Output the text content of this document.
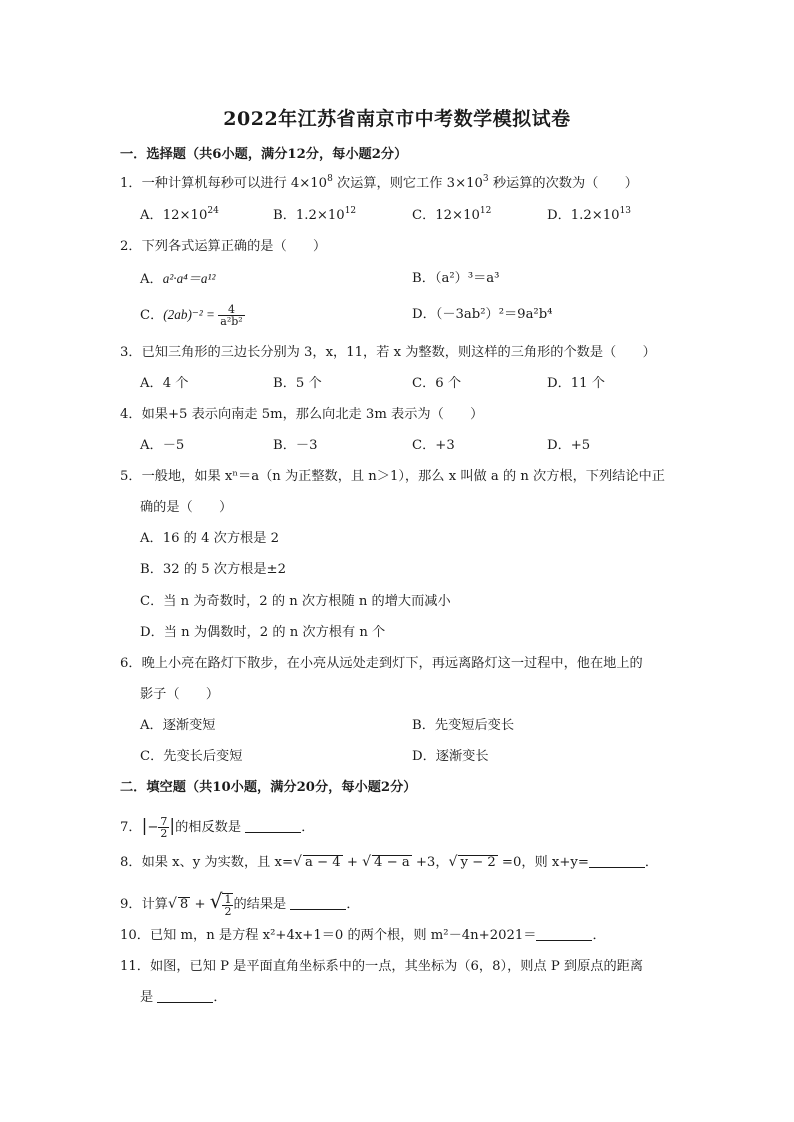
2022年江苏省南京市中考数学模拟试卷
一．选择题（共6小题，满分12分，每小题2分）
1．一种计算机每秒可以进行 $4\times 10^8$ 次运算，则它工作 $3\times 10^3$ 秒运算的次数为（　　）
A．$12\times 10^{24}$	B．$1.2\times 10^{12}$	C．$12\times 10^{12}$	D．$1.2\times 10^{13}$
2．下列各式运算正确的是（　　）
A．a²·a⁴＝a¹²	B．（a²）³＝a³
C．$(2ab)^{-2} = \frac{4}{\text{a²b²}}$	D．（－3ab²）²＝9a²b⁴
3．已知三角形的三边长分别为 3，x，11，若 x 为整数，则这样的三角形的个数是（　　）
A．4 个	B．5 个	C．6 个	D．11 个
4．如果+5 表示向南走 5m，那么向北走 3m 表示为（　　）
A．－5	B．－3	C．+3	D．+5
5．一般地，如果 xⁿ＝a（n 为正整数，且 n＞1），那么 x 叫做 a 的 n 次方根，下列结论中正
确的是（　　）
A．16 的 4 次方根是 2
B．32 的 5 次方根是±2
C．当 n 为奇数时，2 的 n 次方根随 n 的增大而减小
D．当 n 为偶数时，2 的 n 次方根有 n 个
6．晚上小亮在路灯下散步，在小亮从远处走到灯下，再远离路灯这一过程中，他在地上的
影子（　　）
A．逐渐变短	B．先变短后变长
C．先变长后变短	D．逐渐变长
二．填空题（共10小题，满分20分，每小题2分）
7．|− $\frac{7}{2}$ |的相反数是	．
8．如果 x、y 为实数，且 x=√ a − 4 + √ 4 − a +3，√ y − 2 =0，则 x+y=	．
9．计算√ 8 + √ $\frac{1}{2}$ 的结果是	．
10．已知 m，n 是方程 x²+4x+1＝0 的两个根，则 m²－4n+2021＝	．
11．如图，已知 P 是平面直角坐标系中的一点，其坐标为（6，8），则点 P 到原点的距离
是	．
